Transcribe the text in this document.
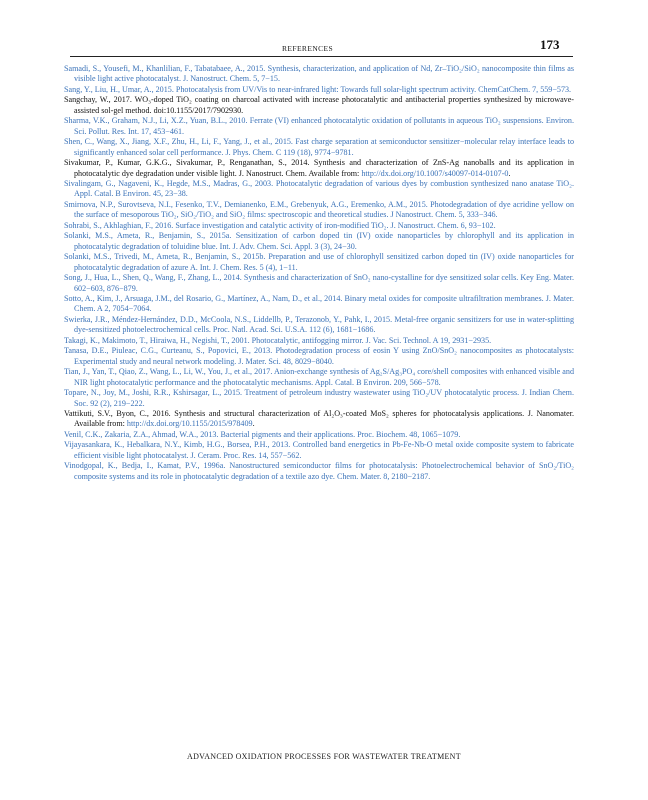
REFERENCES	173

Samadi, S., Yousefi, M., Khanlilian, F., Tabatabaee, A., 2015. Synthesis, characterization, and application of Nd, Zr–TiO₂/SiO₂ nanocomposite thin films as visible light active photocatalyst. J. Nanostruct. Chem. 5, 7−15.

Sang, Y., Liu, H., Umar, A., 2015. Photocatalysis from UV/Vis to near-infrared light: Towards full solar-light spectrum activity. ChemCatChem. 7, 559−573.

Sangchay, W., 2017. WO₃-doped TiO₂ coating on charcoal activated with increase photocatalytic and antibacterial properties synthesized by microwave-assisted sol-gel method. doi:10.1155/2017/7902930.

Sharma, V.K., Graham, N.J., Li, X.Z., Yuan, B.L., 2010. Ferrate (VI) enhanced photocatalytic oxidation of pollutants in aqueous TiO₂ suspensions. Environ. Sci. Pollut. Res. Int. 17, 453−461.

Shen, C., Wang, X., Jiang, X.F., Zhu, H., Li, F., Yang, J., et al., 2015. Fast charge separation at semiconductor sensitizer−molecular relay interface leads to significantly enhanced solar cell performance. J. Phys. Chem. C 119 (18), 9774−9781.

Sivakumar, P., Kumar, G.K.G., Sivakumar, P., Renganathan, S., 2014. Synthesis and characterization of ZnS-Ag nanoballs and its application in photocatalytic dye degradation under visible light. J. Nanostruct. Chem. Available from: http://dx.doi.org/10.1007/s40097-014-0107-0.

Sivalingam, G., Nagaveni, K., Hegde, M.S., Madras, G., 2003. Photocatalytic degradation of various dyes by combustion synthesized nano anatase TiO₂. Appl. Catal. B Environ. 45, 23−38.

Smirnova, N.P., Surovtseva, N.I., Fesenko, T.V., Demianenko, E.M., Grebenyuk, A.G., Eremenko, A.M., 2015. Photodegradation of dye acridine yellow on the surface of mesoporous TiO₂, SiO₂/TiO₂ and SiO₂ films: spectroscopic and theoretical studies. J Nanostruct. Chem. 5, 333−346.

Sohrabi, S., Akhlaghian, F., 2016. Surface investigation and catalytic activity of iron-modified TiO₂. J. Nanostruct. Chem. 6, 93−102.

Solanki, M.S., Ameta, R., Benjamin, S., 2015a. Sensitization of carbon doped tin (IV) oxide nanoparticles by chlorophyll and its application in photocatalytic degradation of toluidine blue. Int. J. Adv. Chem. Sci. Appl. 3 (3), 24−30.

Solanki, M.S., Trivedi, M., Ameta, R., Benjamin, S., 2015b. Preparation and use of chlorophyll sensitized carbon doped tin (IV) oxide nanoparticles for photocatalytic degradation of azure A. Int. J. Chem. Res. 5 (4), 1−11.

Song, J., Hua, L., Shen, Q., Wang, F., Zhang, L., 2014. Synthesis and characterization of SnO₂ nano-cystalline for dye sensitized solar cells. Key Eng. Mater. 602−603, 876−879.

Sotto, A., Kim, J., Arsuaga, J.M., del Rosario, G., Martínez, A., Nam, D., et al., 2014. Binary metal oxides for composite ultrafiltration membranes. J. Mater. Chem. A 2, 7054−7064.

Swierka, J.R., Méndez-Hernández, D.D., McCoola, N.S., Liddellb, P., Terazonob, Y., Pahk, I., 2015. Metal-free organic sensitizers for use in water-splitting dye-sensitized photoelectrochemical cells. Proc. Natl. Acad. Sci. U.S.A. 112 (6), 1681−1686.

Takagi, K., Makimoto, T., Hiraiwa, H., Negishi, T., 2001. Photocatalytic, antifogging mirror. J. Vac. Sci. Technol. A 19, 2931−2935.

Tanasa, D.E., Piuleac, C.G., Curteanu, S., Popovici, E., 2013. Photodegradation process of eosin Y using ZnO/SnO₂ nanocomposites as photocatalysts: Experimental study and neural network modeling. J. Mater. Sci. 48, 8029−8040.

Tian, J., Yan, T., Qiao, Z., Wang, L., Li, W., You, J., et al., 2017. Anion-exchange synthesis of Ag₂S/Ag₃PO₄ core/shell composites with enhanced visible and NIR light photocatalytic performance and the photocatalytic mechanisms. Appl. Catal. B Environ. 209, 566−578.

Topare, N., Joy, M., Joshi, R.R., Kshirsagar, L., 2015. Treatment of petroleum industry wastewater using TiO₂/UV photocatalytic process. J. Indian Chem. Soc. 92 (2), 219−222.

Vattikuti, S.V., Byon, C., 2016. Synthesis and structural characterization of Al₂O₃-coated MoS₂ spheres for photocatalysis applications. J. Nanomater. Available from: http://dx.doi.org/10.1155/2015/978409.

Venil, C.K., Zakaria, Z.A., Ahmad, W.A., 2013. Bacterial pigments and their applications. Proc. Biochem. 48, 1065−1079.

Vijayasankara, K., Hebalkara, N.Y., Kimb, H.G., Borsea, P.H., 2013. Controlled band energetics in Pb-Fe-Nb-O metal oxide composite system to fabricate efficient visible light photocatalyst. J. Ceram. Proc. Res. 14, 557−562.

Vinodgopal, K., Bedja, I., Kamat, P.V., 1996a. Nanostructured semiconductor films for photocatalysis: Photoelectrochemical behavior of SnO₂/TiO₂ composite systems and its role in photocatalytic degradation of a textile azo dye. Chem. Mater. 8, 2180−2187.

ADVANCED OXIDATION PROCESSES FOR WASTEWATER TREATMENT
